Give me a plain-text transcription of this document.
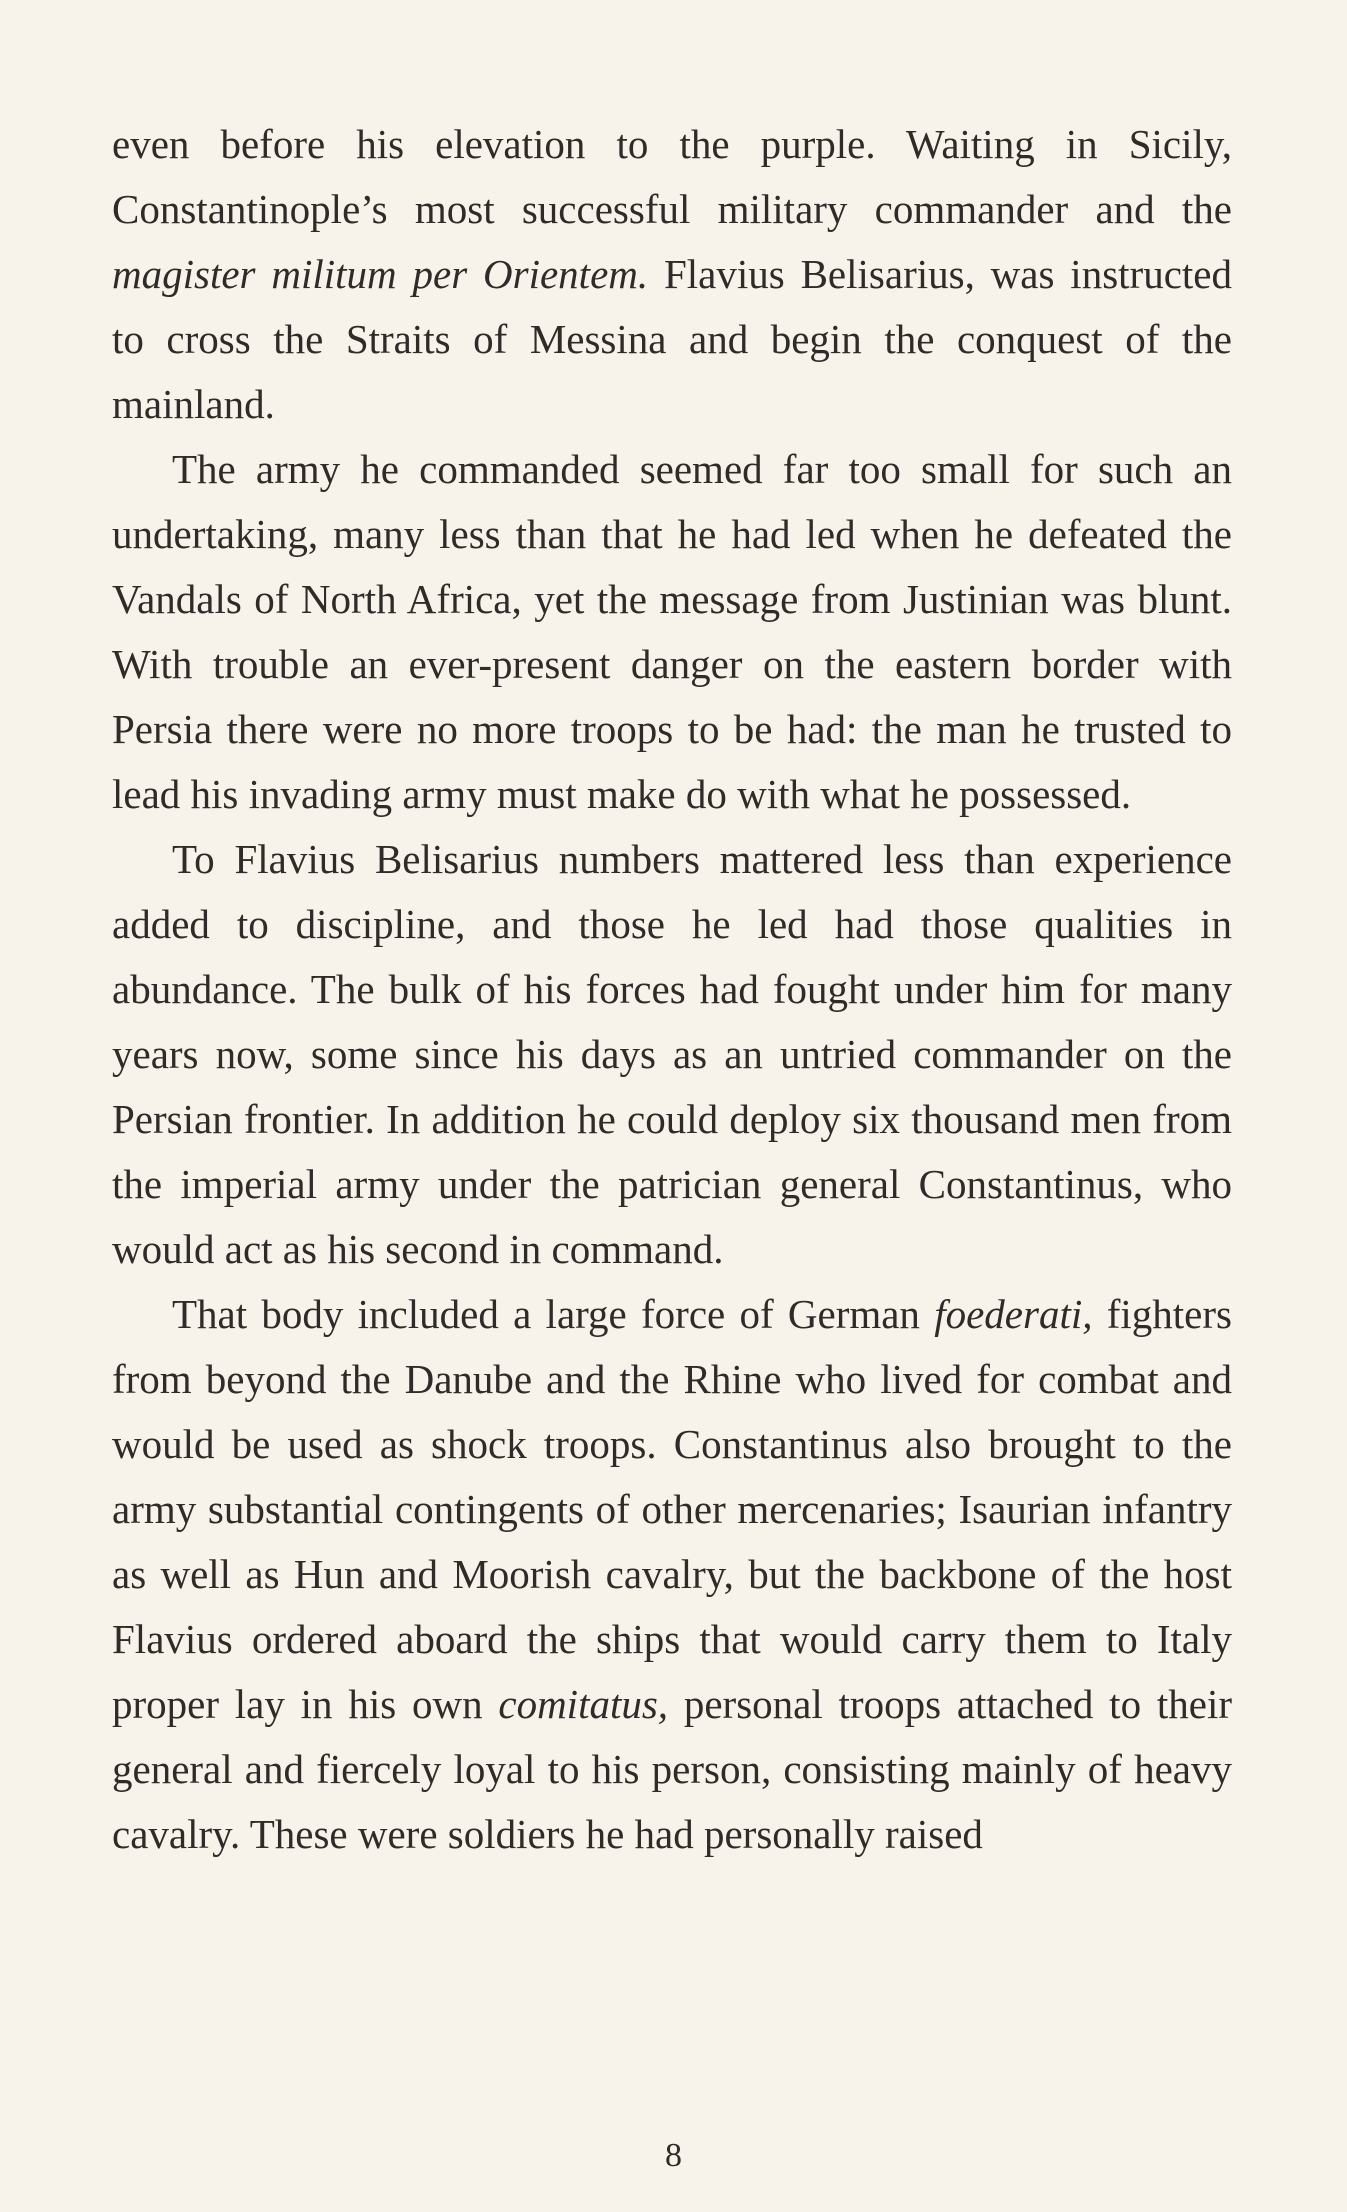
even before his elevation to the purple. Waiting in Sicily, Constantinople’s most successful military commander and the magister militum per Orientem. Flavius Belisarius, was instructed to cross the Straits of Messina and begin the conquest of the mainland.

The army he commanded seemed far too small for such an undertaking, many less than that he had led when he defeated the Vandals of North Africa, yet the message from Justinian was blunt. With trouble an ever-present danger on the eastern border with Persia there were no more troops to be had: the man he trusted to lead his invading army must make do with what he possessed.

To Flavius Belisarius numbers mattered less than experience added to discipline, and those he led had those qualities in abundance. The bulk of his forces had fought under him for many years now, some since his days as an untried commander on the Persian frontier. In addition he could deploy six thousand men from the imperial army under the patrician general Constantinus, who would act as his second in command.

That body included a large force of German foederati, fighters from beyond the Danube and the Rhine who lived for combat and would be used as shock troops. Constantinus also brought to the army substantial contingents of other mercenaries; Isaurian infantry as well as Hun and Moorish cavalry, but the backbone of the host Flavius ordered aboard the ships that would carry them to Italy proper lay in his own comitatus, personal troops attached to their general and fiercely loyal to his person, consisting mainly of heavy cavalry. These were soldiers he had personally raised

8
